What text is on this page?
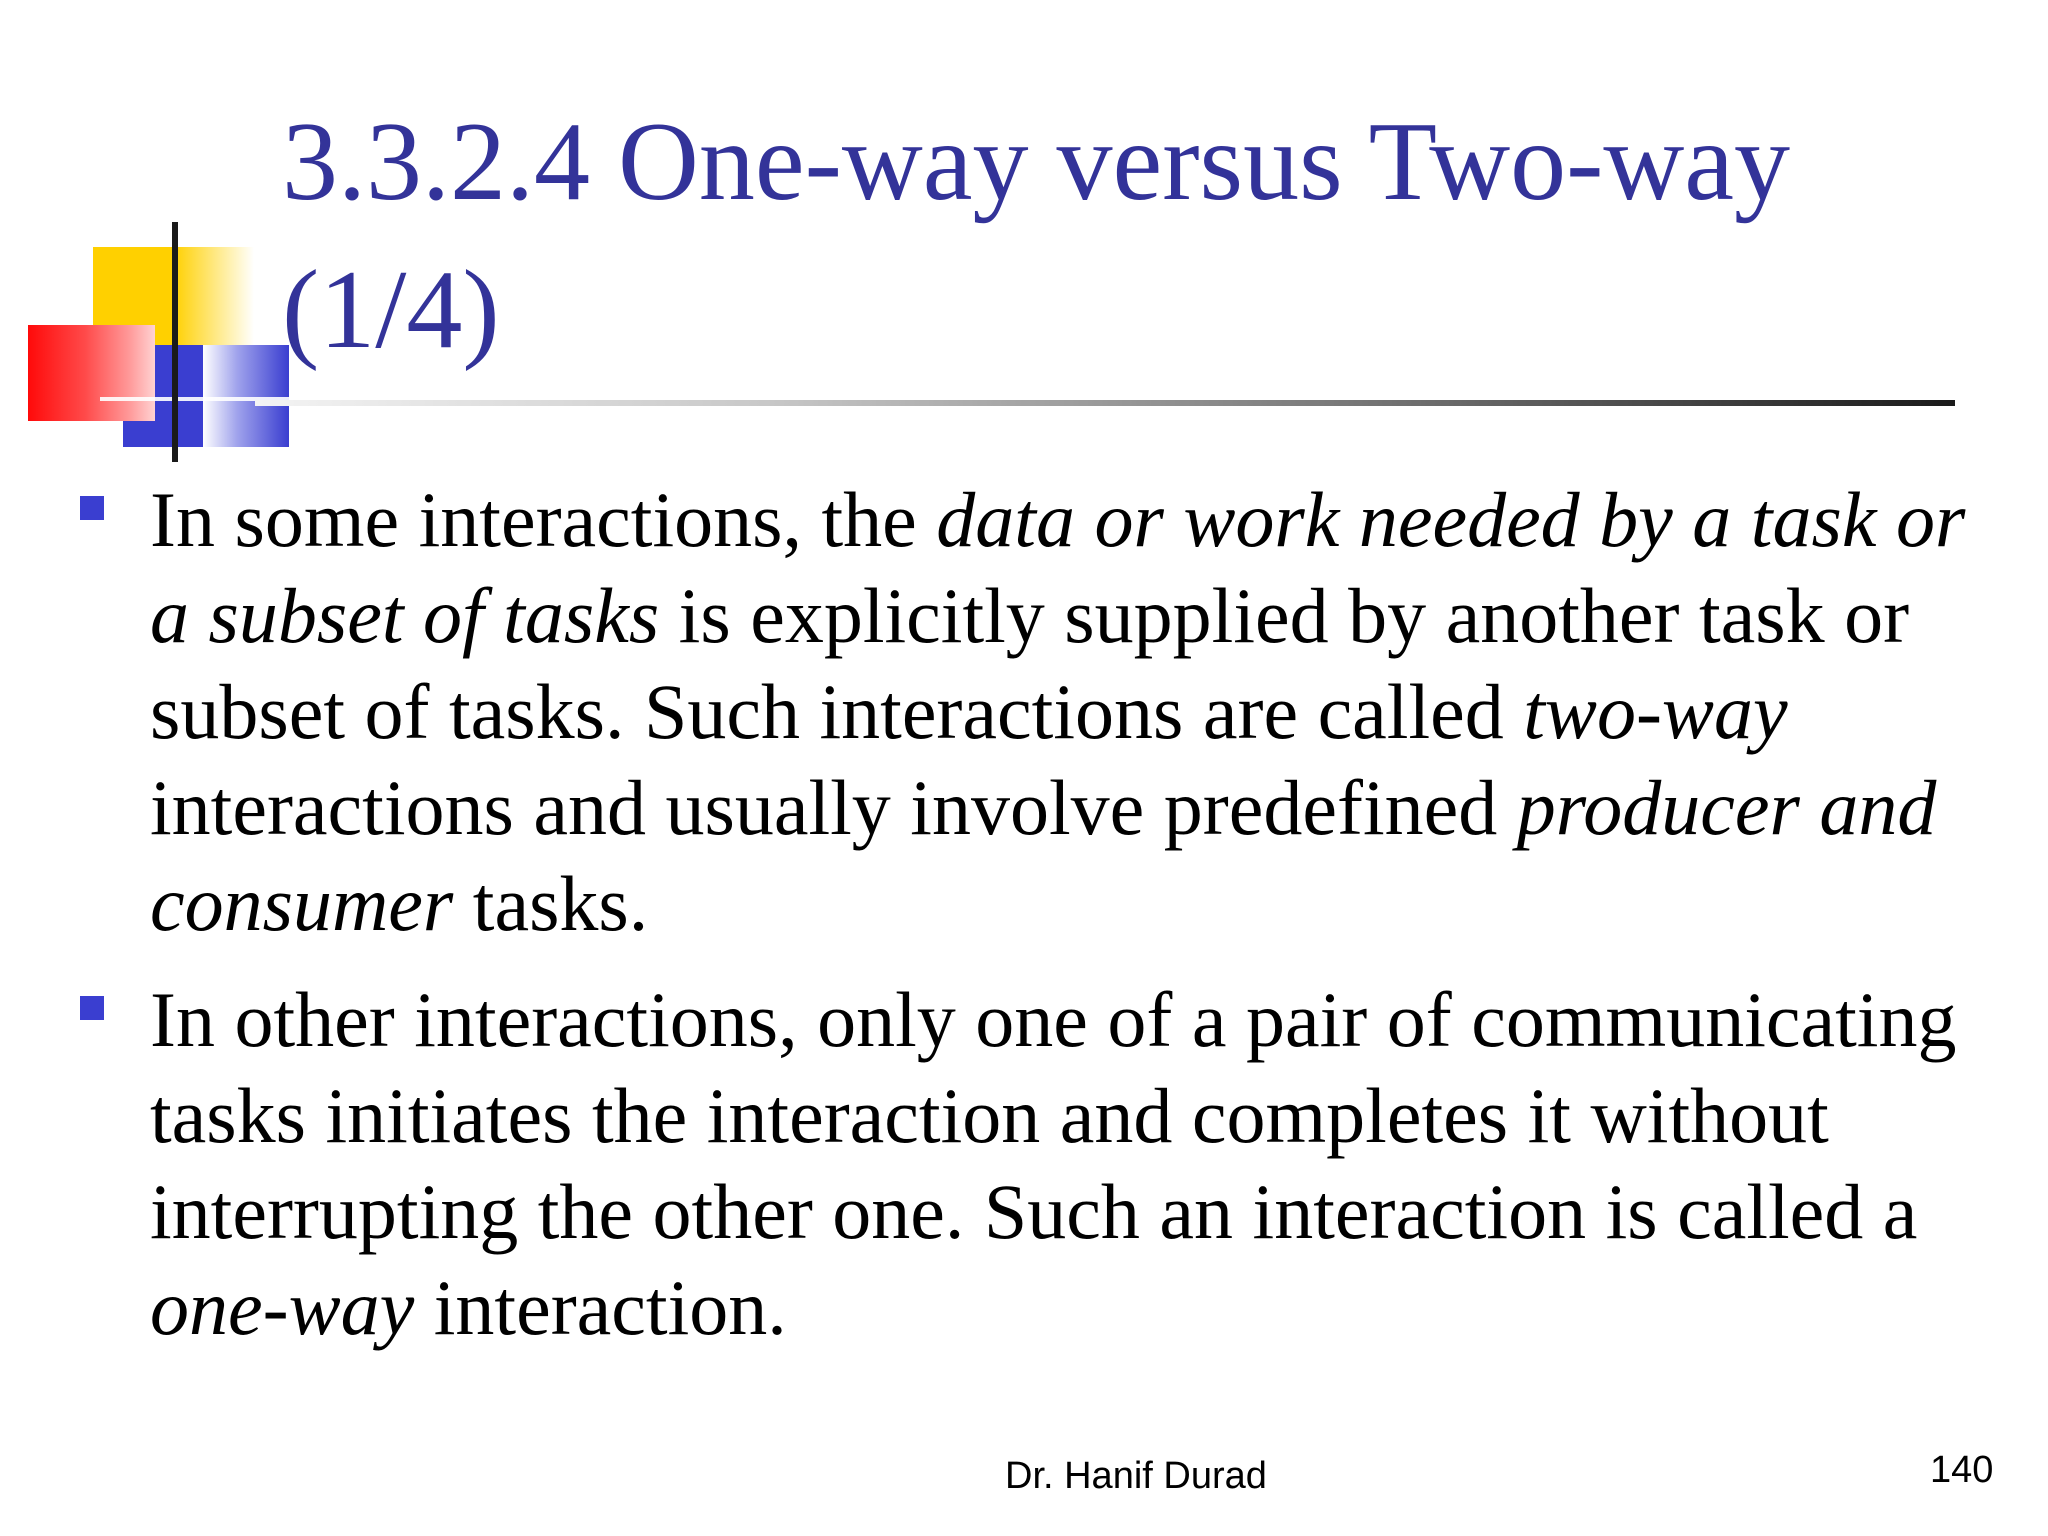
3.3.2.4 One-way versus Two-way
(1/4)

In some interactions, the data or work needed by a task or a subset of tasks is explicitly supplied by another task or subset of tasks. Such interactions are called two-way interactions and usually involve predefined producer and consumer tasks.

In other interactions, only one of a pair of communicating tasks initiates the interaction and completes it without interrupting the other one. Such an interaction is called a one-way interaction.

Dr. Hanif Durad	140
